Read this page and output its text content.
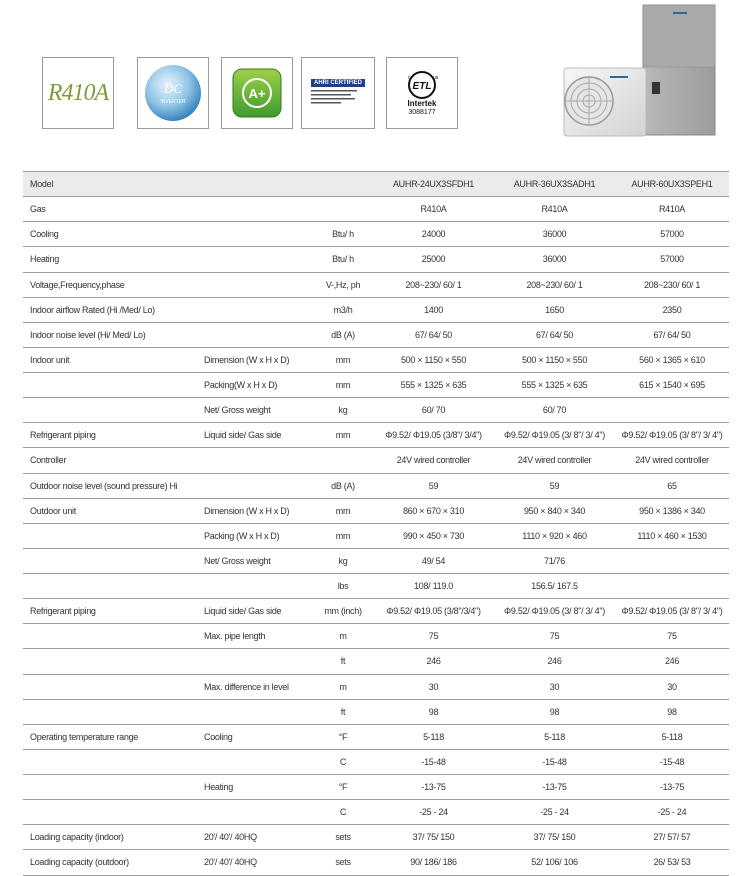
R410A	DC
INVERTER
A+
AHRI CERTIFIED	ETL
c	us
Intertek
3088177
Model			AUHR-24UX3SFDH1	AUHR-36UX3SADH1	AUHR-60UX3SPEH1
Gas			R410A	R410A	R410A
Cooling		Btu/ h	24000	36000	57000
Heating		Btu/ h	25000	36000	57000
Voltage,Frequency,phase		V-,Hz, ph	208~230/ 60/ 1	208~230/ 60/ 1	208~230/ 60/ 1
Indoor airflow Rated (Hi /Med/ Lo)		m3/h	1400	1650	2350
Indoor noise level (Hi/ Med/ Lo)		dB (A)	67/ 64/ 50	67/ 64/ 50	67/ 64/ 50
Indoor unit	Dimension (W x H x D)	mm	500 × 1150 × 550	500 × 1150 × 550	560 × 1365 × 610
	Packing(W x H x D)	mm	555 × 1325 × 635	555 × 1325 × 635	615 × 1540 × 695
	Net/ Gross weight	kg	60/ 70	60/ 70	
Refrigerant piping	Liquid side/ Gas side	mm	Φ9.52/ Φ19.05 (3/8"/ 3/4")	Φ9.52/ Φ19.05 (3/ 8"/ 3/ 4")	Φ9.52/ Φ19.05 (3/ 8"/ 3/ 4")
Controller			24V wired controller	24V wired controller	24V wired controller
Outdoor noise level (sound pressure) Hi		dB (A)	59	59	65
Outdoor unit	Dimension (W x H x D)	mm	860 × 670 × 310	950 × 840 × 340	950 × 1386 × 340
	Packing (W x H x D)	mm	990 × 450 × 730	1110 × 920 × 460	1110 × 460 × 1530
	Net/ Gross weight	kg	49/ 54	71/76	
		lbs	108/ 119.0	156.5/ 167.5	
Refrigerant piping	Liquid side/ Gas side	mm (inch)	Φ9.52/ Φ19.05 (3/8"/3/4")	Φ9.52/ Φ19.05 (3/ 8"/ 3/ 4")	Φ9.52/ Φ19.05 (3/ 8"/ 3/ 4")
	Max. pipe length	m	75	75	75
		ft	246	246	246
	Max. difference in level	m	30	30	30
		ft	98	98	98
Operating temperature range	Cooling	°F	5-118	5-118	5-118
		C	-15-48	-15-48	-15-48
	Heating	°F	-13-75	-13-75	-13-75
		C	-25 - 24	-25 - 24	-25 - 24
Loading capacity (indoor)	20'/ 40'/ 40HQ	sets	37/ 75/ 150	37/ 75/ 150	27/ 57/ 57
Loading capacity (outdoor)	20'/ 40'/ 40HQ	sets	90/ 186/ 186	52/ 106/ 106	26/ 53/ 53
